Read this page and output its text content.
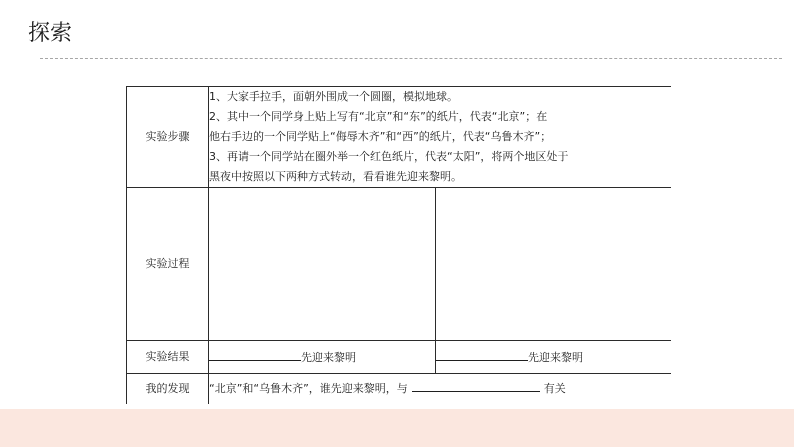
探索
实验步骤	1、大家手拉手，面朝外围成一个圆圈，模拟地球。
2、其中一个同学身上贴上写有“北京”和“东”的纸片，代表“北京”；在
他右手边的一个同学贴上“侮辱木齐”和“西”的纸片，代表“乌鲁木齐”；
3、再请一个同学站在圈外举一个红色纸片，代表“太阳”，将两个地区处于
黑夜中按照以下两种方式转动，看看谁先迎来黎明。	

实验过程		
实验结果	先迎来黎明	先迎来黎明
我的发现	“北京”和“乌鲁木齐”，谁先迎来黎明，与 有关	
